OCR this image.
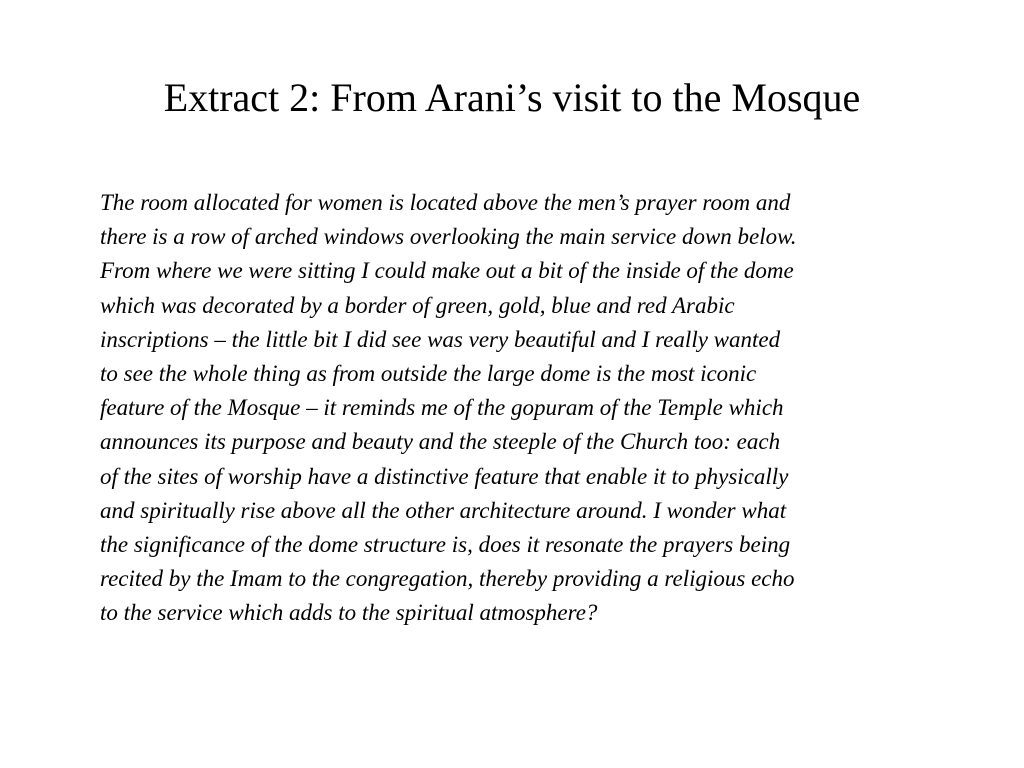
Extract 2: From Arani’s visit to the Mosque
The room allocated for women is located above the men’s prayer room and
there is a row of arched windows overlooking the main service down below.
From where we were sitting I could make out a bit of the inside of the dome
which was decorated by a border of green, gold, blue and red Arabic
inscriptions – the little bit I did see was very beautiful and I really wanted
to see the whole thing as from outside the large dome is the most iconic
feature of the Mosque – it reminds me of the gopuram of the Temple which
announces its purpose and beauty and the steeple of the Church too: each
of the sites of worship have a distinctive feature that enable it to physically
and spiritually rise above all the other architecture around. I wonder what
the significance of the dome structure is, does it resonate the prayers being
recited by the Imam to the congregation, thereby providing a religious echo
to the service which adds to the spiritual atmosphere?
